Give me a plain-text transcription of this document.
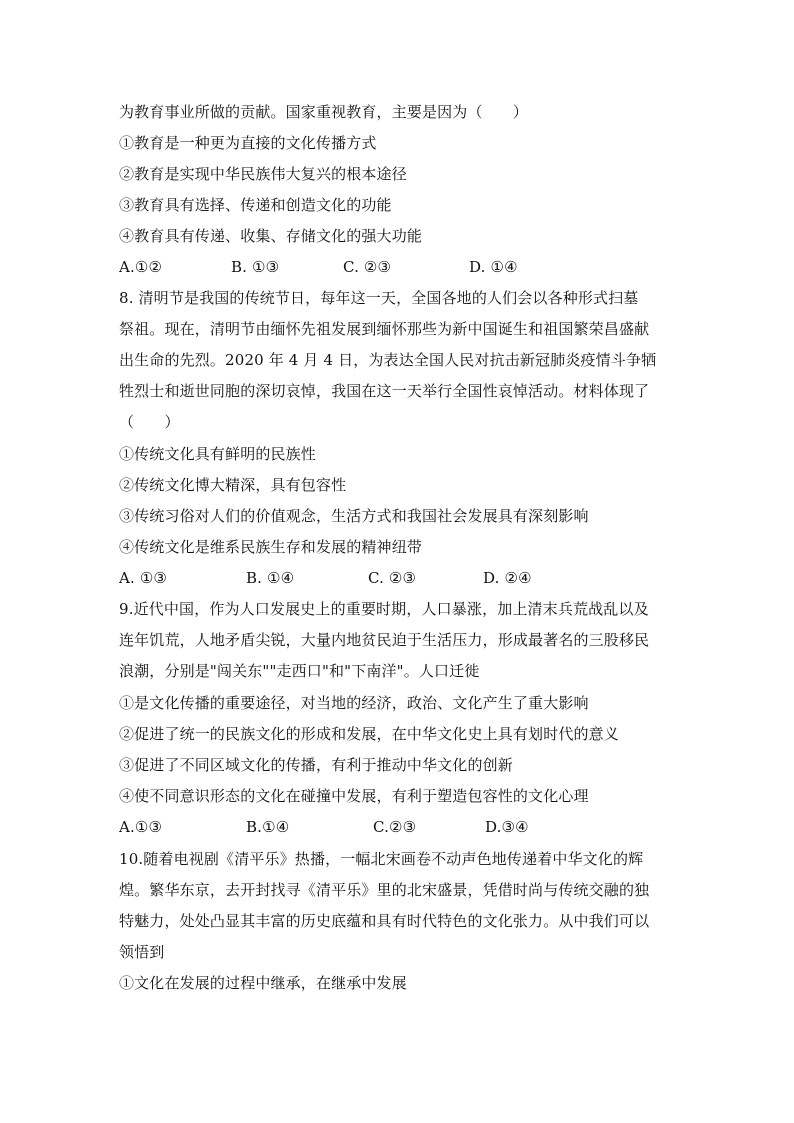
为教育事业所做的贡献。国家重视教育，主要是因为（　　）
①教育是一种更为直接的文化传播方式
②教育是实现中华民族伟大复兴的根本途径
③教育具有选择、传递和创造文化的功能
④教育具有传递、收集、存储文化的强大功能
A.①②	B. ①③	C. ②③	D. ①④
8. 清明节是我国的传统节日，每年这一天，全国各地的人们会以各种形式扫墓
祭祖。现在，清明节由缅怀先祖发展到缅怀那些为新中国诞生和祖国繁荣昌盛献
出生命的先烈。2020 年 4 月 4 日，为表达全国人民对抗击新冠肺炎疫情斗争牺
牲烈士和逝世同胞的深切哀悼，我国在这一天举行全国性哀悼活动。材料体现了
（　　）
①传统文化具有鲜明的民族性
②传统文化博大精深，具有包容性
③传统习俗对人们的价值观念，生活方式和我国社会发展具有深刻影响
④传统文化是维系民族生存和发展的精神纽带
A. ①③	B. ①④	C. ②③	D. ②④
9.近代中国，作为人口发展史上的重要时期，人口暴涨，加上清末兵荒战乱以及
连年饥荒，人地矛盾尖锐，大量内地贫民迫于生活压力，形成最著名的三股移民
浪潮，分别是"闯关东""走西口"和"下南洋"。人口迁徙
①是文化传播的重要途径，对当地的经济，政治、文化产生了重大影响
②促进了统一的民族文化的形成和发展，在中华文化史上具有划时代的意义
③促进了不同区域文化的传播，有利于推动中华文化的创新
④使不同意识形态的文化在碰撞中发展，有利于塑造包容性的文化心理
A.①③	B.①④	C.②③	D.③④
10.随着电视剧《清平乐》热播，一幅北宋画卷不动声色地传递着中华文化的辉
煌。繁华东京，去开封找寻《清平乐》里的北宋盛景，凭借时尚与传统交融的独
特魅力，处处凸显其丰富的历史底蕴和具有时代特色的文化张力。从中我们可以
领悟到
①文化在发展的过程中继承，在继承中发展
